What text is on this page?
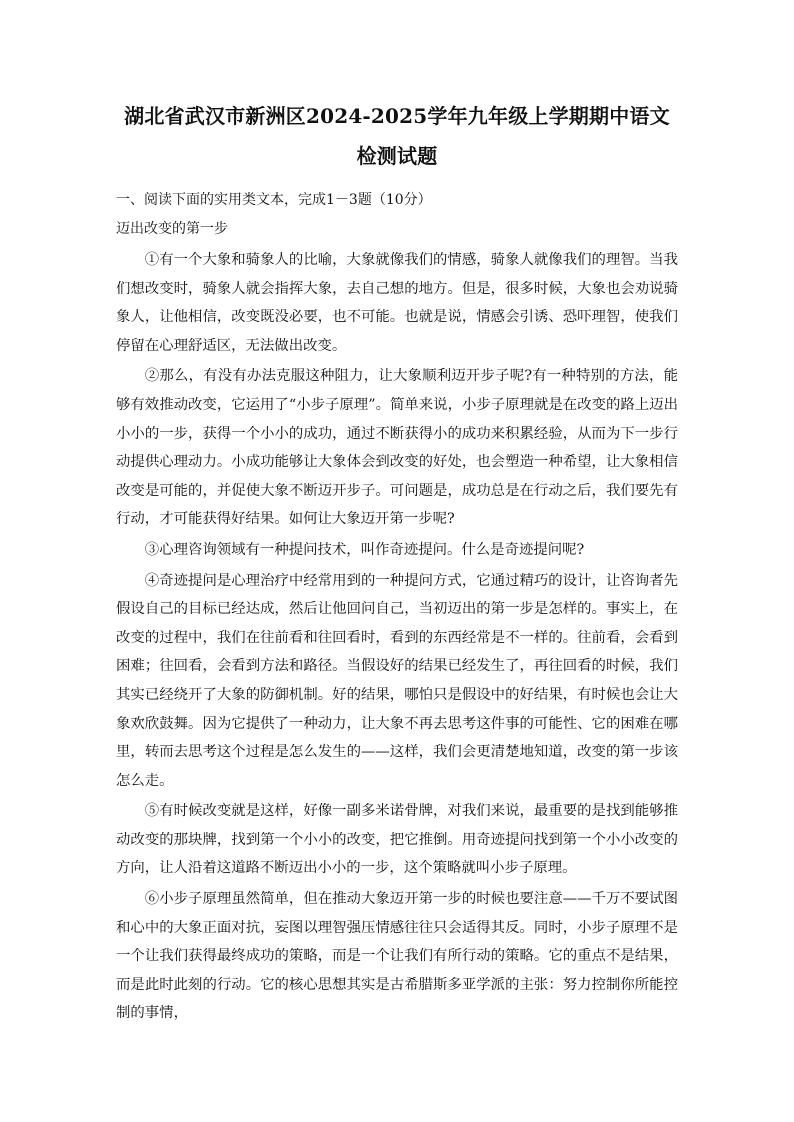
湖北省武汉市新洲区2024-2025学年九年级上学期期中语文
检测试题

一、阅读下面的实用类文本，完成1－3题（10分）

迈出改变的第一步

①有一个大象和骑象人的比喻，大象就像我们的情感，骑象人就像我们的理智。当我们想改变时，骑象人就会指挥大象，去自己想的地方。但是，很多时候，大象也会劝说骑象人，让他相信，改变既没必要，也不可能。也就是说，情感会引诱、恐吓理智，使我们停留在心理舒适区，无法做出改变。

②那么，有没有办法克服这种阻力，让大象顺利迈开步子呢?有一种特别的方法，能够有效推动改变，它运用了“小步子原理”。简单来说，小步子原理就是在改变的路上迈出小小的一步，获得一个小小的成功，通过不断获得小的成功来积累经验，从而为下一步行动提供心理动力。小成功能够让大象体会到改变的好处，也会塑造一种希望，让大象相信改变是可能的，并促使大象不断迈开步子。可问题是，成功总是在行动之后，我们要先有行动，才可能获得好结果。如何让大象迈开第一步呢?

③心理咨询领域有一种提问技术，叫作奇迹提问。什么是奇迹提问呢?

④奇迹提问是心理治疗中经常用到的一种提问方式，它通过精巧的设计，让咨询者先假设自己的目标已经达成，然后让他回问自己，当初迈出的第一步是怎样的。事实上，在改变的过程中，我们在往前看和往回看时，看到的东西经常是不一样的。往前看，会看到困难；往回看，会看到方法和路径。当假设好的结果已经发生了，再往回看的时候，我们其实已经绕开了大象的防御机制。好的结果，哪怕只是假设中的好结果，有时候也会让大象欢欣鼓舞。因为它提供了一种动力，让大象不再去思考这件事的可能性、它的困难在哪里，转而去思考这个过程是怎么发生的——这样，我们会更清楚地知道，改变的第一步该怎么走。

⑤有时候改变就是这样，好像一副多米诺骨牌，对我们来说，最重要的是找到能够推动改变的那块牌，找到第一个小小的改变，把它推倒。用奇迹提问找到第一个小小改变的方向，让人沿着这道路不断迈出小小的一步，这个策略就叫小步子原理。

⑥小步子原理虽然简单，但在推动大象迈开第一步的时候也要注意——千万不要试图和心中的大象正面对抗，妄图以理智强压情感往往只会适得其反。同时，小步子原理不是一个让我们获得最终成功的策略，而是一个让我们有所行动的策略。它的重点不是结果，而是此时此刻的行动。它的核心思想其实是古希腊斯多亚学派的主张：努力控制你所能控制的事情，
